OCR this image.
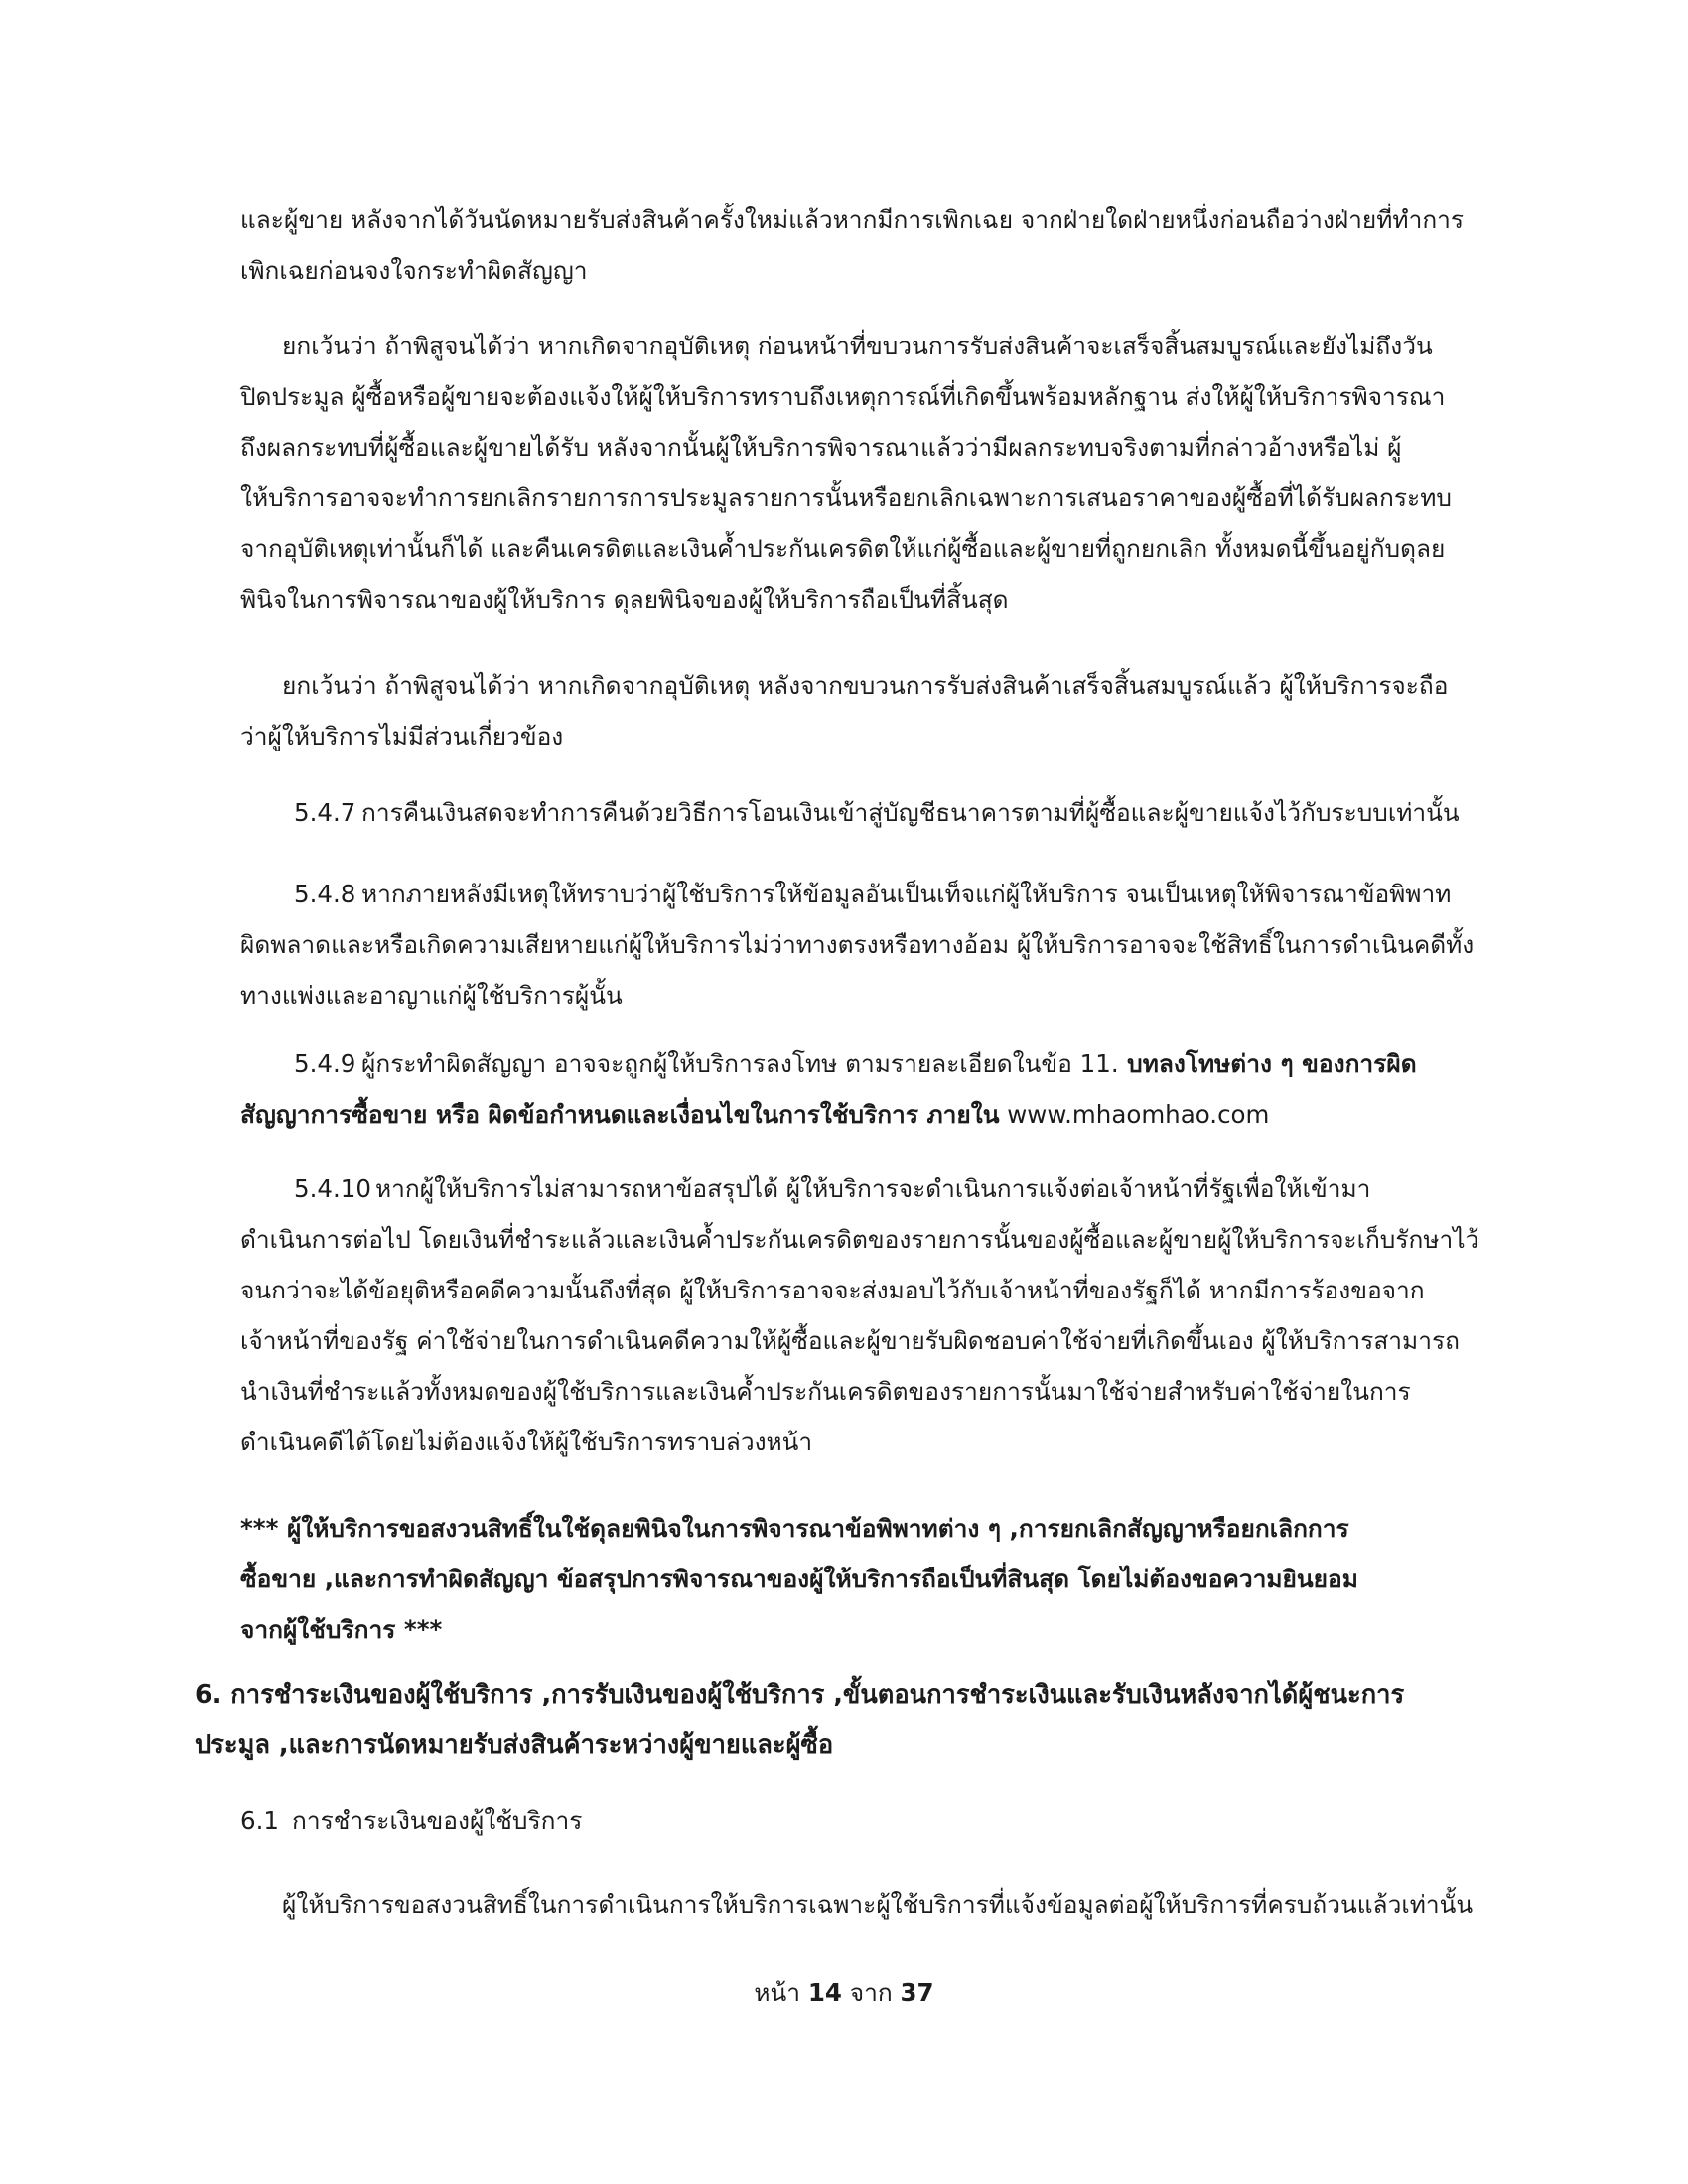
และผู้ขาย หลังจากได้วันนัดหมายรับส่งสินค้าครั้งใหม่แล้วหากมีการเพิกเฉย จากฝ่ายใดฝ่ายหนึ่งก่อนถือว่างฝ่ายที่ทำการ
เพิกเฉยก่อนจงใจกระทำผิดสัญญา
ยกเว้นว่า ถ้าพิสูจนได้ว่า หากเกิดจากอุบัติเหตุ ก่อนหน้าที่ขบวนการรับส่งสินค้าจะเสร็จสิ้นสมบูรณ์และยังไม่ถึงวัน
ปิดประมูล ผู้ซื้อหรือผู้ขายจะต้องแจ้งให้ผู้ให้บริการทราบถึงเหตุการณ์ที่เกิดขึ้นพร้อมหลักฐาน ส่งให้ผู้ให้บริการพิจารณา
ถึงผลกระทบที่ผู้ซื้อและผู้ขายได้รับ หลังจากนั้นผู้ให้บริการพิจารณาแล้วว่ามีผลกระทบจริงตามที่กล่าวอ้างหรือไม่ ผู้
ให้บริการอาจจะทำการยกเลิกรายการการประมูลรายการนั้นหรือยกเลิกเฉพาะการเสนอราคาของผู้ซื้อที่ได้รับผลกระทบ
จากอุบัติเหตุเท่านั้นก็ได้ และคืนเครดิตและเงินค้ำประกันเครดิตให้แก่ผู้ซื้อและผู้ขายที่ถูกยกเลิก ทั้งหมดนี้ขึ้นอยู่กับดุลย
พินิจในการพิจารณาของผู้ให้บริการ ดุลยพินิจของผู้ให้บริการถือเป็นที่สิ้นสุด
ยกเว้นว่า ถ้าพิสูจนได้ว่า หากเกิดจากอุบัติเหตุ หลังจากขบวนการรับส่งสินค้าเสร็จสิ้นสมบูรณ์แล้ว ผู้ให้บริการจะถือ
ว่าผู้ให้บริการไม่มีส่วนเกี่ยวข้อง
5.4.7 การคืนเงินสดจะทำการคืนด้วยวิธีการโอนเงินเข้าสู่บัญชีธนาคารตามที่ผู้ซื้อและผู้ขายแจ้งไว้กับระบบเท่านั้น
5.4.8 หากภายหลังมีเหตุให้ทราบว่าผู้ใช้บริการให้ข้อมูลอันเป็นเท็จแก่ผู้ให้บริการ จนเป็นเหตุให้พิจารณาข้อพิพาท
ผิดพลาดและหรือเกิดความเสียหายแก่ผู้ให้บริการไม่ว่าทางตรงหรือทางอ้อม ผู้ให้บริการอาจจะใช้สิทธิ์ในการดำเนินคดีทั้ง
ทางแพ่งและอาญาแก่ผู้ใช้บริการผู้นั้น
5.4.9 ผู้กระทำผิดสัญญา อาจจะถูกผู้ให้บริการลงโทษ ตามรายละเอียดในข้อ 11. บทลงโทษต่าง ๆ ของการผิด
สัญญาการซื้อขาย หรือ ผิดข้อกำหนดและเงื่อนไขในการใช้บริการ ภายใน www.mhaomhao.com
5.4.10 หากผู้ให้บริการไม่สามารถหาข้อสรุปได้ ผู้ให้บริการจะดำเนินการแจ้งต่อเจ้าหน้าที่รัฐเพื่อให้เข้ามา
ดำเนินการต่อไป โดยเงินที่ชำระแล้วและเงินค้ำประกันเครดิตของรายการนั้นของผู้ซื้อและผู้ขายผู้ให้บริการจะเก็บรักษาไว้
จนกว่าจะได้ข้อยุติหรือคดีความนั้นถึงที่สุด ผู้ให้บริการอาจจะส่งมอบไว้กับเจ้าหน้าที่ของรัฐก็ได้ หากมีการร้องขอจาก
เจ้าหน้าที่ของรัฐ ค่าใช้จ่ายในการดำเนินคดีความให้ผู้ซื้อและผู้ขายรับผิดชอบค่าใช้จ่ายที่เกิดขึ้นเอง ผู้ให้บริการสามารถ
นำเงินที่ชำระแล้วทั้งหมดของผู้ใช้บริการและเงินค้ำประกันเครดิตของรายการนั้นมาใช้จ่ายสำหรับค่าใช้จ่ายในการ
ดำเนินคดีได้โดยไม่ต้องแจ้งให้ผู้ใช้บริการทราบล่วงหน้า
*** ผู้ให้บริการขอสงวนสิทธิ์ในใช้ดุลยพินิจในการพิจารณาข้อพิพาทต่าง ๆ ,การยกเลิกสัญญาหรือยกเลิกการ
ซื้อขาย ,และการทำผิดสัญญา ข้อสรุปการพิจารณาของผู้ให้บริการถือเป็นที่สินสุด โดยไม่ต้องขอความยินยอม
จากผู้ใช้บริการ ***
6. การชำระเงินของผู้ใช้บริการ ,การรับเงินของผู้ใช้บริการ ,ขั้นตอนการชำระเงินและรับเงินหลังจากได้ผู้ชนะการ
ประมูล ,และการนัดหมายรับส่งสินค้าระหว่างผู้ขายและผู้ซื้อ
6.1 การชำระเงินของผู้ใช้บริการ
ผู้ให้บริการขอสงวนสิทธิ์ในการดำเนินการให้บริการเฉพาะผู้ใช้บริการที่แจ้งข้อมูลต่อผู้ให้บริการที่ครบถ้วนแล้วเท่านั้น
หน้า 14 จาก 37
